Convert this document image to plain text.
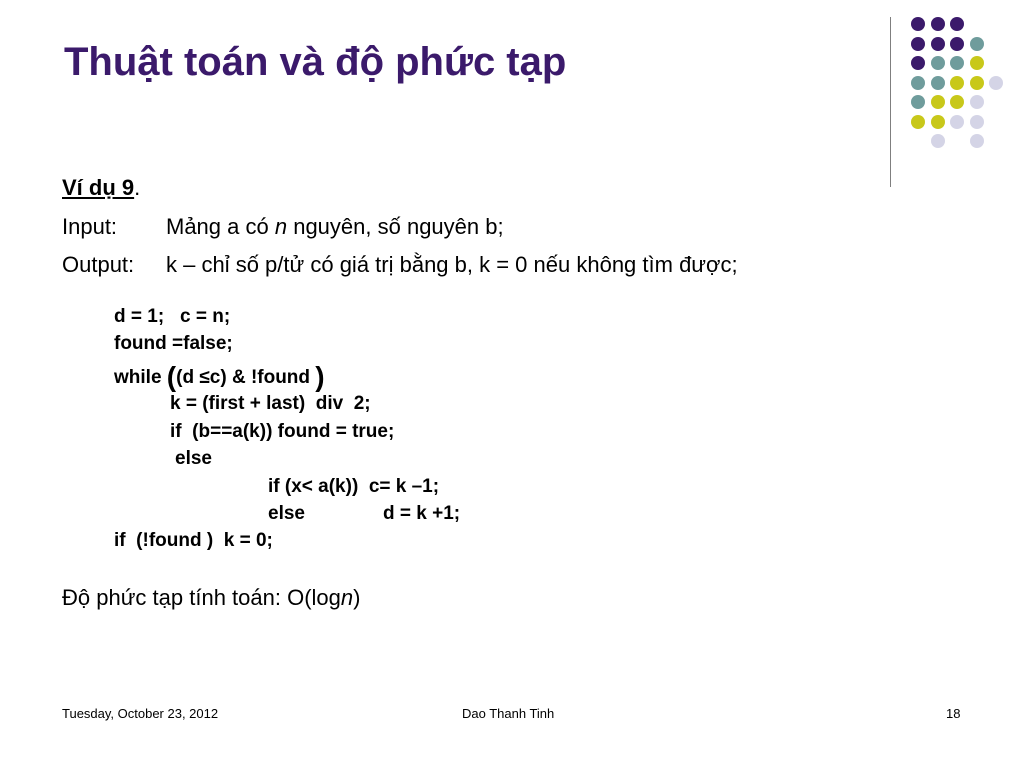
Thuật toán và độ phức tạp
Ví dụ 9.
Input: Mảng a có n nguyên, số nguyên b;
Output: k – chỉ số p/tử có giá trị bằng b, k = 0 nếu không tìm được;
d = 1;   c = n;
found =false;
while ((d ≤c) & !found )
k = (first + last)  div  2;
if  (b==a(k)) found = true;
else
if (x< a(k))  c= k –1;
else	d = k +1;
if  (!found )  k = 0;
Độ phức tạp tính toán: O(logn)
Tuesday, October 23, 2012	Dao Thanh Tinh	18
